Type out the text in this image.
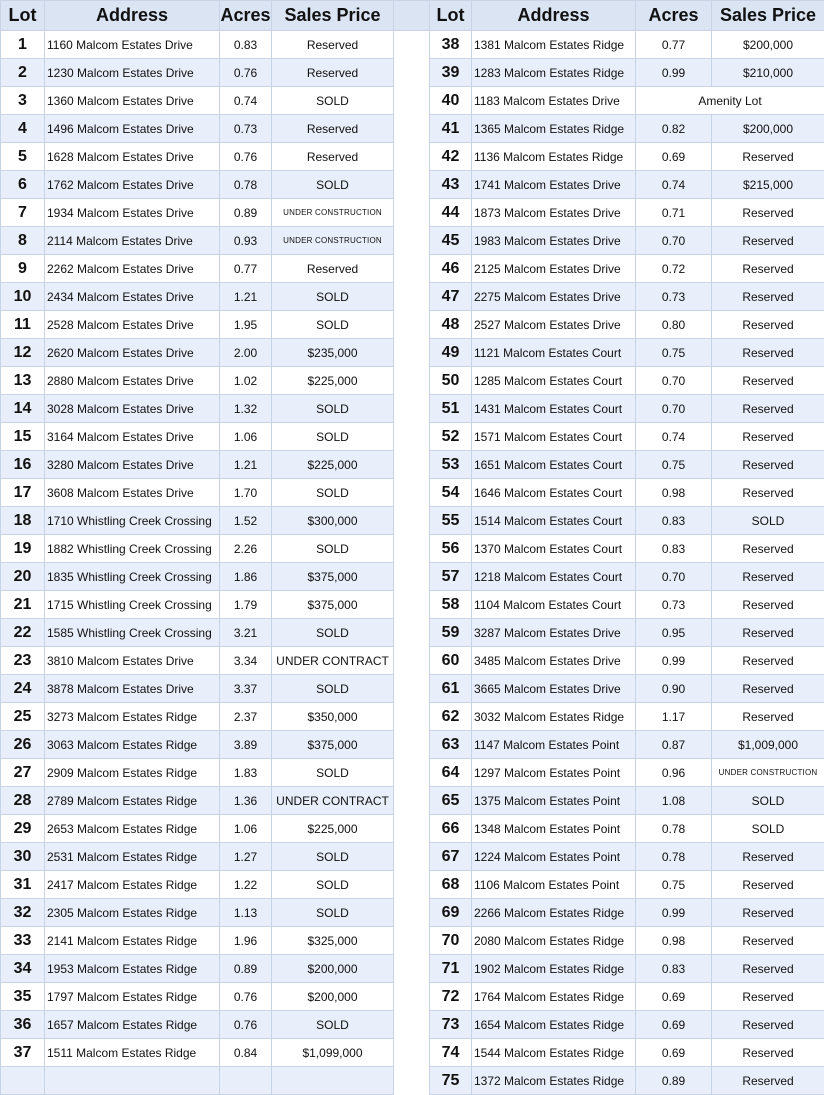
Lot	Address	Acres	Sales Price		Lot	Address	Acres	Sales Price
1	1160 Malcom Estates Drive	0.83	Reserved		38	1381 Malcom Estates Ridge	0.77	$200,000
2	1230 Malcom Estates Drive	0.76	Reserved		39	1283 Malcom Estates Ridge	0.99	$210,000
3	1360 Malcom Estates Drive	0.74	SOLD		40	1183 Malcom Estates Drive	Amenity Lot	
4	1496 Malcom Estates Drive	0.73	Reserved		41	1365 Malcom Estates Ridge	0.82	$200,000
5	1628 Malcom Estates Drive	0.76	Reserved		42	1136 Malcom Estates Ridge	0.69	Reserved
6	1762 Malcom Estates Drive	0.78	SOLD		43	1741 Malcom Estates Drive	0.74	$215,000
7	1934 Malcom Estates Drive	0.89	UNDER CONSTRUCTION		44	1873 Malcom Estates Drive	0.71	Reserved
8	2114 Malcom Estates Drive	0.93	UNDER CONSTRUCTION		45	1983 Malcom Estates Drive	0.70	Reserved
9	2262 Malcom Estates Drive	0.77	Reserved		46	2125 Malcom Estates Drive	0.72	Reserved
10	2434 Malcom Estates Drive	1.21	SOLD		47	2275 Malcom Estates Drive	0.73	Reserved
11	2528 Malcom Estates Drive	1.95	SOLD		48	2527 Malcom Estates Drive	0.80	Reserved
12	2620 Malcom Estates Drive	2.00	$235,000		49	1121 Malcom Estates Court	0.75	Reserved
13	2880 Malcom Estates Drive	1.02	$225,000		50	1285 Malcom Estates Court	0.70	Reserved
14	3028 Malcom Estates Drive	1.32	SOLD		51	1431 Malcom Estates Court	0.70	Reserved
15	3164 Malcom Estates Drive	1.06	SOLD		52	1571 Malcom Estates Court	0.74	Reserved
16	3280 Malcom Estates Drive	1.21	$225,000		53	1651 Malcom Estates Court	0.75	Reserved
17	3608 Malcom Estates Drive	1.70	SOLD		54	1646 Malcom Estates Court	0.98	Reserved
18	1710 Whistling Creek Crossing	1.52	$300,000		55	1514 Malcom Estates Court	0.83	SOLD
19	1882 Whistling Creek Crossing	2.26	SOLD		56	1370 Malcom Estates Court	0.83	Reserved
20	1835 Whistling Creek Crossing	1.86	$375,000		57	1218 Malcom Estates Court	0.70	Reserved
21	1715 Whistling Creek Crossing	1.79	$375,000		58	1104 Malcom Estates Court	0.73	Reserved
22	1585 Whistling Creek Crossing	3.21	SOLD		59	3287 Malcom Estates Drive	0.95	Reserved
23	3810 Malcom Estates Drive	3.34	UNDER CONTRACT		60	3485 Malcom Estates Drive	0.99	Reserved
24	3878 Malcom Estates Drive	3.37	SOLD		61	3665 Malcom Estates Drive	0.90	Reserved
25	3273 Malcom Estates Ridge	2.37	$350,000		62	3032 Malcom Estates Ridge	1.17	Reserved
26	3063 Malcom Estates Ridge	3.89	$375,000		63	1147 Malcom Estates Point	0.87	$1,009,000
27	2909 Malcom Estates Ridge	1.83	SOLD		64	1297 Malcom Estates Point	0.96	UNDER CONSTRUCTION
28	2789 Malcom Estates Ridge	1.36	UNDER CONTRACT		65	1375 Malcom Estates Point	1.08	SOLD
29	2653 Malcom Estates Ridge	1.06	$225,000		66	1348 Malcom Estates Point	0.78	SOLD
30	2531 Malcom Estates Ridge	1.27	SOLD		67	1224 Malcom Estates Point	0.78	Reserved
31	2417 Malcom Estates Ridge	1.22	SOLD		68	1106 Malcom Estates Point	0.75	Reserved
32	2305 Malcom Estates Ridge	1.13	SOLD		69	2266 Malcom Estates Ridge	0.99	Reserved
33	2141 Malcom Estates Ridge	1.96	$325,000		70	2080 Malcom Estates Ridge	0.98	Reserved
34	1953 Malcom Estates Ridge	0.89	$200,000		71	1902 Malcom Estates Ridge	0.83	Reserved
35	1797 Malcom Estates Ridge	0.76	$200,000		72	1764 Malcom Estates Ridge	0.69	Reserved
36	1657 Malcom Estates Ridge	0.76	SOLD		73	1654 Malcom Estates Ridge	0.69	Reserved
37	1511 Malcom Estates Ridge	0.84	$1,099,000		74	1544 Malcom Estates Ridge	0.69	Reserved
					75	1372 Malcom Estates Ridge	0.89	Reserved
